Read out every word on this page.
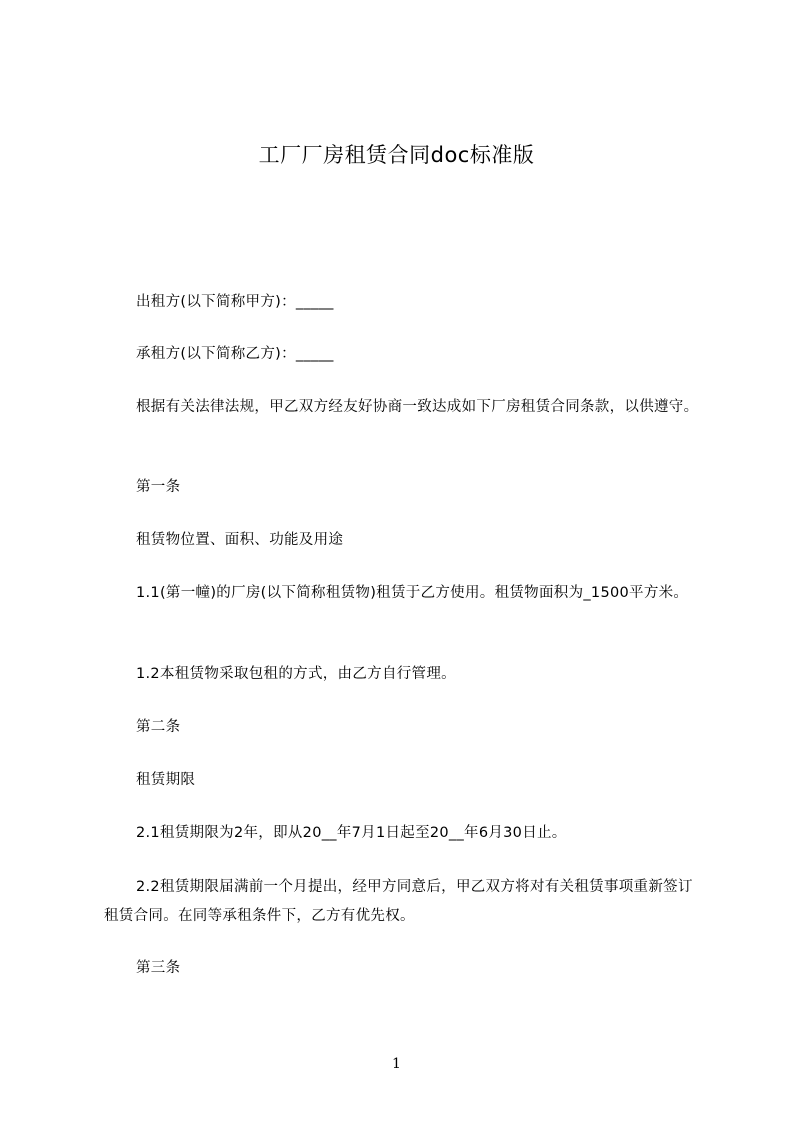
工厂厂房租赁合同doc标准版

出租方(以下简称甲方)：_____

承租方(以下简称乙方)：_____

根据有关法律法规，甲乙双方经友好协商一致达成如下厂房租赁合同条款，以供遵守。

第一条

租赁物位置、面积、功能及用途

1.1(第一幢)的厂房(以下简称租赁物)租赁于乙方使用。租赁物面积为_1500平方米。

1.2本租赁物采取包租的方式，由乙方自行管理。

第二条

租赁期限

2.1租赁期限为2年，即从20__年7月1日起至20__年6月30日止。

2.2租赁期限届满前一个月提出，经甲方同意后，甲乙双方将对有关租赁事项重新签订租赁合同。在同等承租条件下，乙方有优先权。

第三条

1
